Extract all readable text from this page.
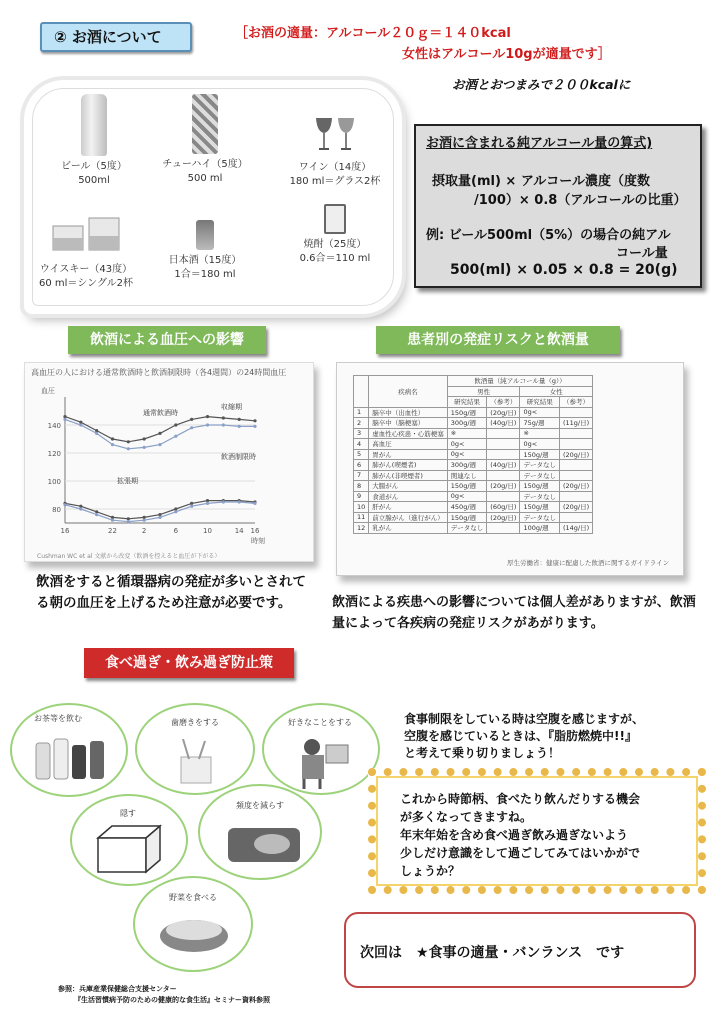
② お酒について	［お酒の適量：アルコール２０ｇ＝１４０kcal
女性はアルコール10gが適量です］
お酒とおつまみで２００kcalに
ビール（5度）
500ml
チューハイ（5度）
500 ml
ワイン（14度）
180 ml＝グラス2杯
ウイスキー（43度）
60 ml＝シングル2杯
日本酒（15度）
1合＝180 ml
焼酎（25度）
0.6合＝110 ml
お酒に含まれる純アルコール量の算式)
摂取量(ml) × アルコール濃度（度数
/100）× 0.8（アルコールの比重）
例: ビール500ml（5%）の場合の純アル
コール量
500(ml) × 0.05 × 0.8 = 20(g)
飲酒による血圧への影響	患者別の発症リスクと飲酒量
高血圧の人における通常飲酒時と飲酒制限時（各4週間）の24時間血圧
80
100
120
140
16	22	2	6	10	14 16
時刻
血圧
通常飲酒時
収縮期
飲酒制限時
拡張期
Cushman WC et al 文献から改変（飲酒を控えると血圧が下がる）
	疾病名	飲酒量（純アルコール量（g））			
		男性		女性	
		研究結果	（参考）	研究結果	（参考）
1	脳卒中（出血性）	150g/週	(20g/日)	0g<	
2	脳卒中（脳梗塞）	300g/週	(40g/日)	75g/週	(11g/日)
3	虚血性心疾患・心筋梗塞	※		※	
4	高血圧	0g<		0g<	
5	胃がん	0g<		150g/週	(20g/日)
6	肺がん(喫煙者)	300g/週	(40g/日)	データなし	
7	肺がん(非喫煙者)	関連なし		データなし	
8	大腸がん	150g/週	(20g/日)	150g/週	(20g/日)
9	食道がん	0g<		データなし	
10	肝がん	450g/週	(60g/日)	150g/週	(20g/日)
11	前立腺がん（進行がん）	150g/週	(20g/日)	データなし	
12	乳がん	データなし		100g/週	(14g/日)
厚生労働省：健康に配慮した飲酒に関するガイドライン
飲酒をすると循環器病の発症が多いとされてる朝の血圧を上げるため注意が必要です。	飲酒による疾患への影響については個人差がありますが、飲酒量によって各疾病の発症リスクがあがります。
食べ過ぎ・飲み過ぎ防止策
お茶等を飲む	歯磨きをする	好きなことをする
隠す
頻度を減らす
野菜を食べる
食事制限をしている時は空腹を感じますが、
空腹を感じているときは、『脂肪燃焼中!!』
と考えて乗り切りましょう！
これから時節柄、食べたり飲んだりする機会
が多くなってきますね。
年末年始を含め食べ過ぎ飲み過ぎないよう
少しだけ意識をして過ごしてみてはいかがで
しょうか？
次回は　★食事の適量・バンランス　です
参照：兵庫産業保健総合支援センター
『生活習慣病予防のための健康的な食生活』セミナー資料参照
